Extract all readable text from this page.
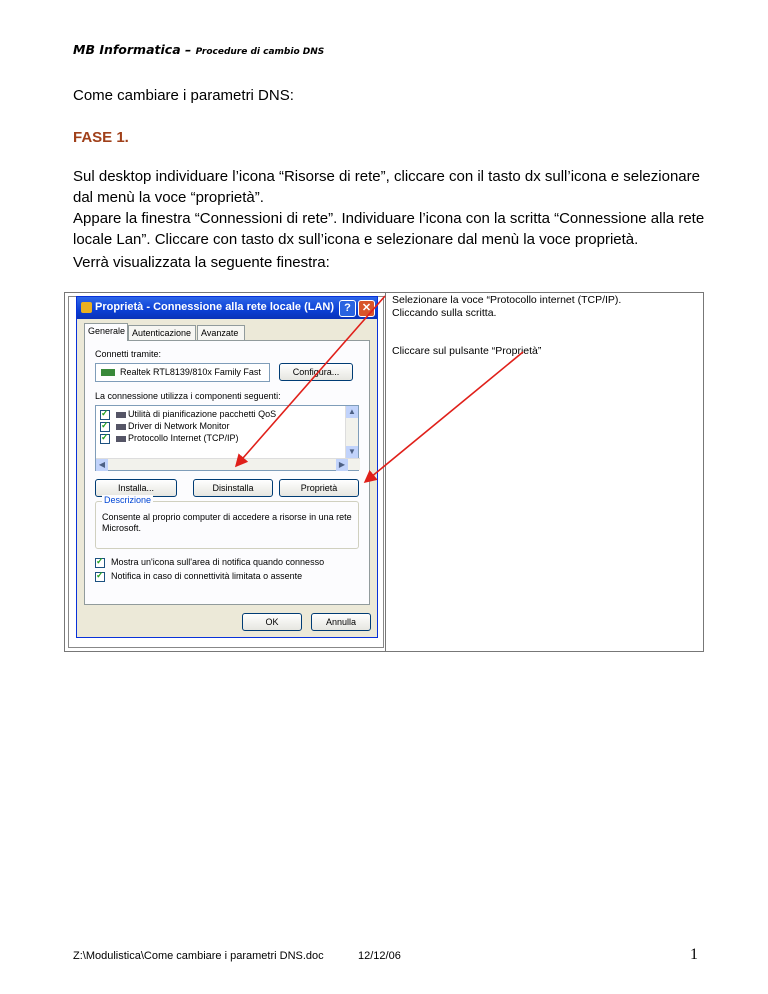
MB Informatica – Procedure di cambio DNS
Come cambiare i parametri DNS:
FASE 1.
Sul desktop individuare l’icona “Risorse di rete”, cliccare con il tasto dx sull’icona e selezionare dal menù la voce “proprietà”.
Appare la finestra “Connessioni di rete”. Individuare l’icona con la scritta “Connessione alla rete locale Lan”. Cliccare con tasto dx sull’icona e selezionare dal menù la voce proprietà.
Verrà visualizzata la seguente finestra:
Selezionare la voce “Protocollo internet (TCP/IP).
Cliccando sulla scritta.
Cliccare sul pulsante “Proprietà”
Proprietà - Connessione alla rete locale (LAN) ?	✕
Generale Autenticazione	Avanzate
Connetti tramite:
Realtek RTL8139/810x Family Fast	Configura...
La connessione utilizza i componenti seguenti:
✓Utilità di pianificazione pacchetti QoS
✓Driver di Network Monitor
✓Protocollo Internet (TCP/IP)
▲
▼
◀	▶
Installa...	Disinstalla	Proprietà
Descrizione
Consente al proprio computer di accedere a risorse in una rete Microsoft.
✓Mostra un'icona sull'area di notifica quando connesso
✓Notifica in caso di connettività limitata o assente
OK	Annulla
Z:\Modulistica\Come cambiare i parametri DNS.doc	12/12/06	1
